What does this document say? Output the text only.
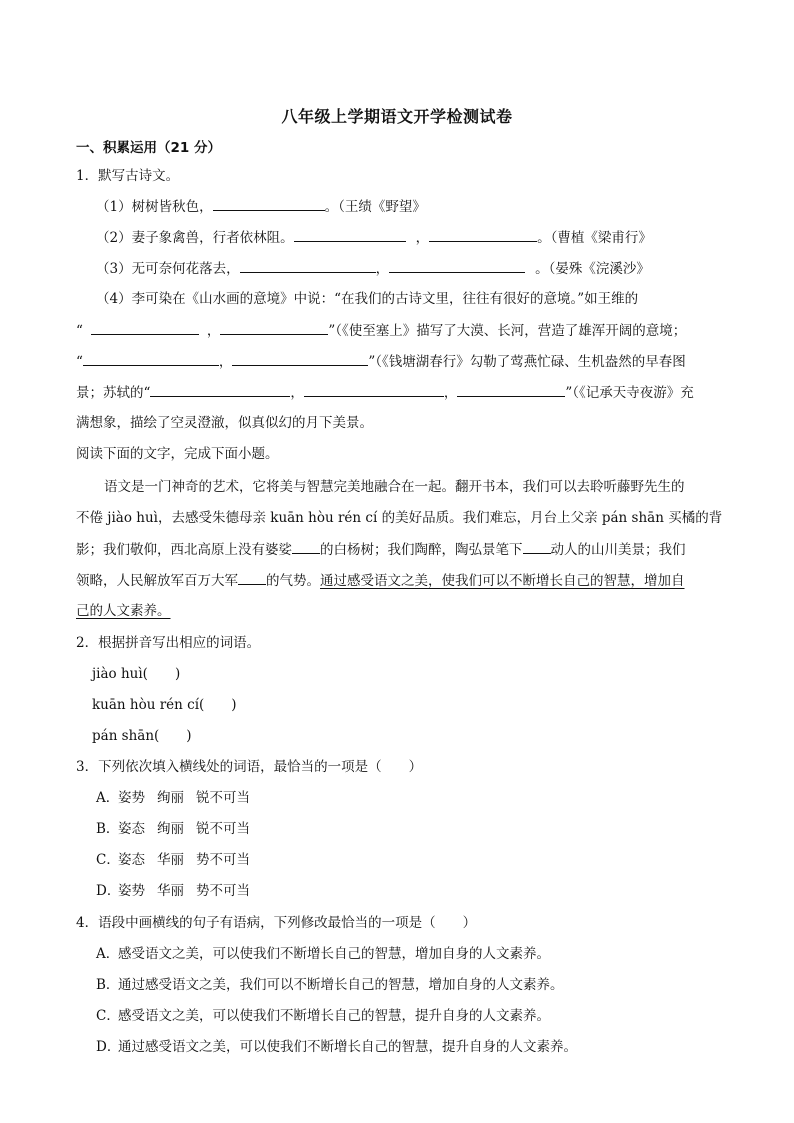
八年级上学期语文开学检测试卷
一、积累运用（21 分）
1．默写古诗文。
（1）树树皆秋色，	。（王绩《野望》
（2）妻子象禽兽，行者依林阻。	，	。（曹植《梁甫行》
（3）无可奈何花落去，	，	。（晏殊《浣溪沙》
（4）李可染在《山水画的意境》中说：“在我们的古诗文里，往往有很好的意境。”如王维的
“	，	”（《使至塞上》描写了大漠、长河，营造了雄浑开阔的意境；
“	，	”（《钱塘湖春行》勾勒了莺燕忙碌、生机盎然的早春图
景；苏轼的“	，	，	”（《记承天寺夜游》充
满想象，描绘了空灵澄澈，似真似幻的月下美景。
阅读下面的文字，完成下面小题。
语文是一门神奇的艺术，它将美与智慧完美地融合在一起。翻开书本，我们可以去聆听藤野先生的
不倦 jiào huì，去感受朱德母亲 kuān hòu rén cí 的美好品质。我们难忘，月台上父亲 pán shān 买橘的背
影；我们敬仰，西北高原上没有婆娑 的白杨树；我们陶醉，陶弘景笔下 动人的山川美景；我们
领略，人民解放军百万大军 的气势。通过感受语文之美，使我们可以不断增长自己的智慧，增加自
己的人文素养。
2．根据拼音写出相应的词语。
jiào huì(　　)
kuān hòu rén cí(　　)
pán shān(　　)
3．下列依次填入横线处的词语，最恰当的一项是（　　）
A．姿势 绚丽 锐不可当
B．姿态 绚丽 锐不可当
C．姿态 华丽 势不可当
D．姿势 华丽 势不可当
4．语段中画横线的句子有语病，下列修改最恰当的一项是（　　）
A．感受语文之美，可以使我们不断增长自己的智慧，增加自身的人文素养。
B．通过感受语文之美，我们可以不断增长自己的智慧，增加自身的人文素养。
C．感受语文之美，可以使我们不断增长自己的智慧，提升自身的人文素养。
D．通过感受语文之美，可以使我们不断增长自己的智慧，提升自身的人文素养。
